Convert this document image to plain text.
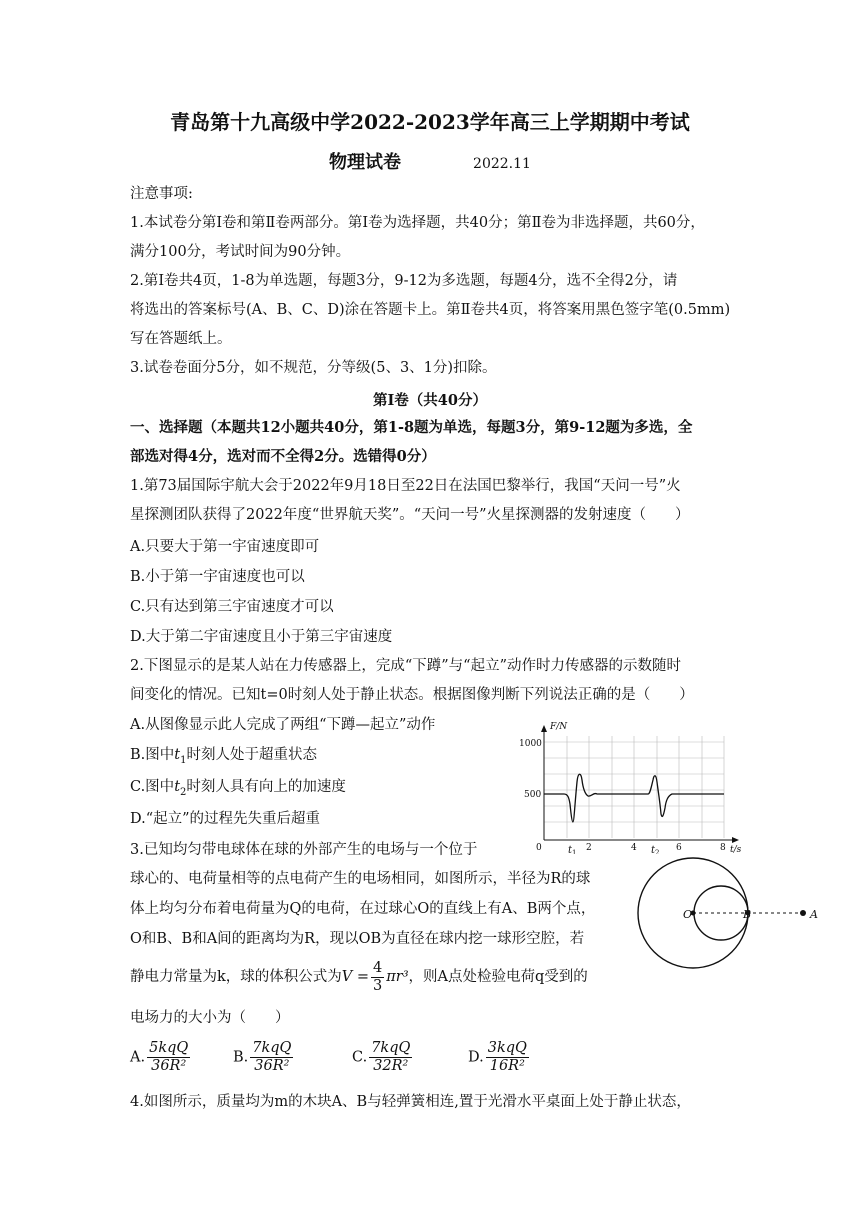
青岛第十九高级中学2022-2023学年高三上学期期中考试
物理试卷	2022.11
注意事项:
1.本试卷分第Ⅰ卷和第Ⅱ卷两部分。第Ⅰ卷为选择题，共40分；第Ⅱ卷为非选择题，共60分，
满分100分，考试时间为90分钟。
2.第Ⅰ卷共4页，1-8为单选题，每题3分，9-12为多选题，每题4分，选不全得2分，请
将选出的答案标号(A、B、C、D)涂在答题卡上。第Ⅱ卷共4页，将答案用黑色签字笔(0.5mm)
写在答题纸上。
3.试卷卷面分5分，如不规范，分等级(5、3、1分)扣除。
第Ⅰ卷（共40分）
一、选择题（本题共12小题共40分，第1-8题为单选，每题3分，第9-12题为多选，全
部选对得4分，选对而不全得2分。选错得0分）
1.第73届国际宇航大会于2022年9月18日至22日在法国巴黎举行，我国“天问一号”火
星探测团队获得了2022年度“世界航天奖”。“天问一号”火星探测器的发射速度（　　）
A.只要大于第一宇宙速度即可
B.小于第一宇宙速度也可以
C.只有达到第三宇宙速度才可以
D.大于第二宇宙速度且小于第三宇宙速度
2.下图显示的是某人站在力传感器上，完成“下蹲”与“起立”动作时力传感器的示数随时
间变化的情况。已知t=0时刻人处于静止状态。根据图像判断下列说法正确的是（　　）
A.从图像显示此人完成了两组“下蹲—起立”动作
B.图中$t_1$时刻人处于超重状态
C.图中$t_2$时刻人具有向上的加速度
D.“起立”的过程先失重后超重
F/N
1000
500
0	2	4	6	8 t/s
$t_1$	$t_2$
3.已知均匀带电球体在球的外部产生的电场与一个位于
球心的、电荷量相等的点电荷产生的电场相同，如图所示，半径为R的球
体上均匀分布着电荷量为Q的电荷，在过球心O的直线上有A、B两个点，
O和B、B和A间的距离均为R，现以OB为直径在球内挖一球形空腔，若
静电力常量为k，球的体积公式为$V = \frac{4}{3} \pi r^3$，则A点处检验电荷q受到的
电场力的大小为（　　）
O	B	A
A. $\frac{\text{5kqQ}}{\text{36R²}}$	B. $\frac{\text{7kqQ}}{\text{36R²}}$	C. $\frac{\text{7kqQ}}{\text{32R²}}$	D. $\frac{\text{3kqQ}}{\text{16R²}}$
4.如图所示，质量均为m的木块A、B与轻弹簧相连,置于光滑水平桌面上处于静止状态，
